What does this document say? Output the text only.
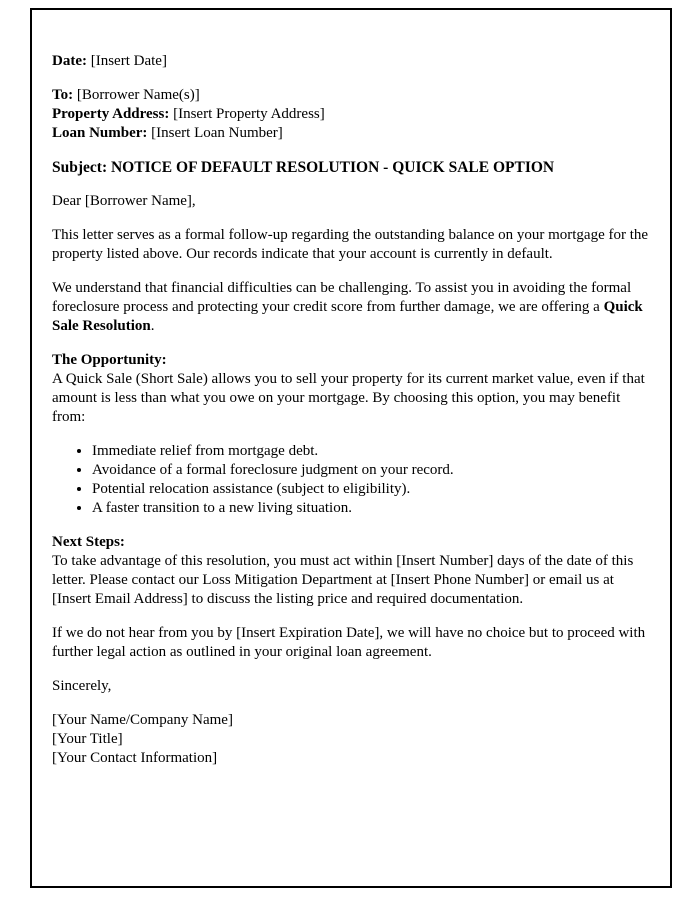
Date: [Insert Date]
To: [Borrower Name(s)]
Property Address: [Insert Property Address]
Loan Number: [Insert Loan Number]
Subject: NOTICE OF DEFAULT RESOLUTION - QUICK SALE OPTION
Dear [Borrower Name],
This letter serves as a formal follow-up regarding the outstanding balance on your mortgage for the property listed above. Our records indicate that your account is currently in default.
We understand that financial difficulties can be challenging. To assist you in avoiding the formal foreclosure process and protecting your credit score from further damage, we are offering a Quick Sale Resolution.
The Opportunity:
A Quick Sale (Short Sale) allows you to sell your property for its current market value, even if that amount is less than what you owe on your mortgage. By choosing this option, you may benefit from:
• Immediate relief from mortgage debt.
• Avoidance of a formal foreclosure judgment on your record.
• Potential relocation assistance (subject to eligibility).
• A faster transition to a new living situation.
Next Steps:
To take advantage of this resolution, you must act within [Insert Number] days of the date of this letter. Please contact our Loss Mitigation Department at [Insert Phone Number] or email us at [Insert Email Address] to discuss the listing price and required documentation.
If we do not hear from you by [Insert Expiration Date], we will have no choice but to proceed with further legal action as outlined in your original loan agreement.
Sincerely,
[Your Name/Company Name]
[Your Title]
[Your Contact Information]
